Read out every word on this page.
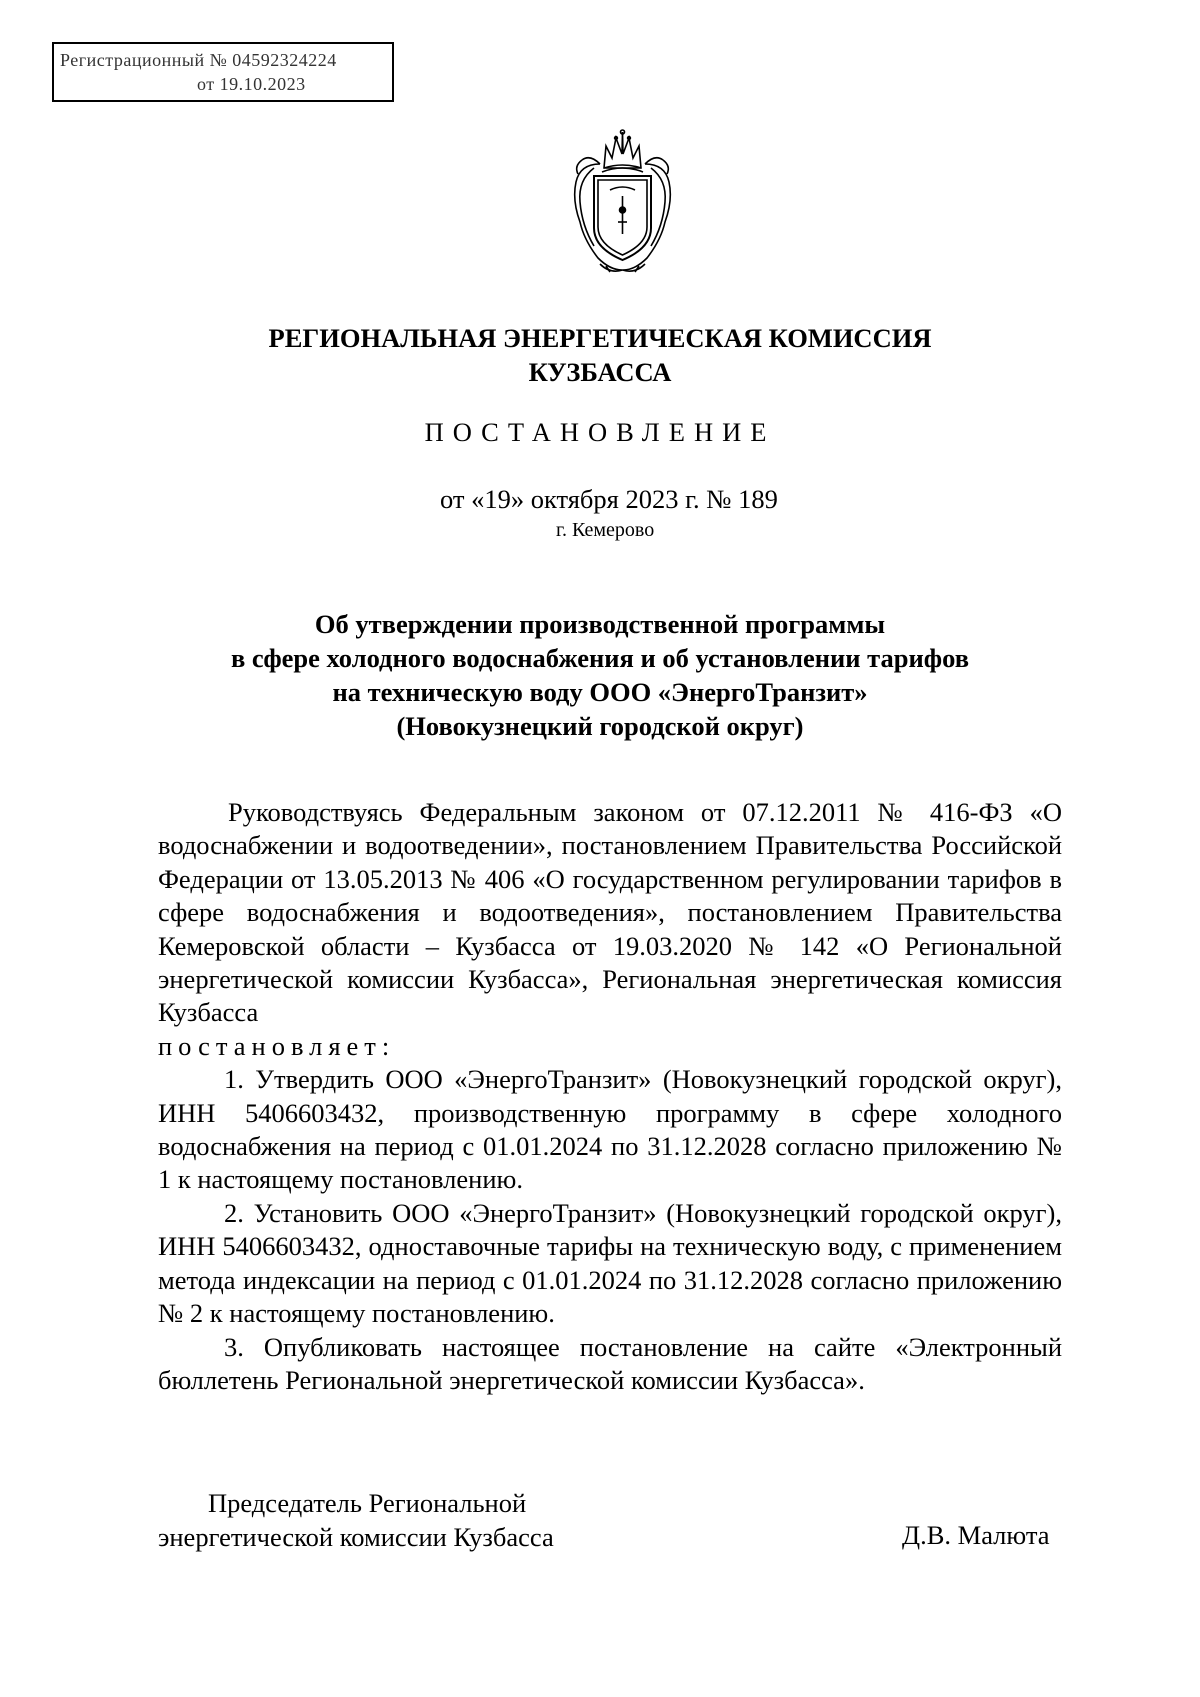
Регистрационный № 04592324224
от 19.10.2023
РЕГИОНАЛЬНАЯ ЭНЕРГЕТИЧЕСКАЯ КОМИССИЯ
КУЗБАССА
ПОСТАНОВЛЕНИЕ
от «19» октября 2023 г. № 189
г. Кемерово
Об утверждении производственной программы
в сфере холодного водоснабжения и об установлении тарифов
на техническую воду ООО «ЭнергоТранзит»
(Новокузнецкий городской округ)

Руководствуясь Федеральным законом от 07.12.2011 № 416-ФЗ «О водоснабжении и водоотведении», постановлением Правительства Российской Федерации от 13.05.2013 № 406 «О государственном регулировании тарифов в сфере водоснабжения и водоотведения», постановлением Правительства Кемеровской области – Кузбасса от 19.03.2020 № 142 «О Региональной энергетической комиссии Кузбасса», Региональная энергетическая комиссия Кузбасса

постановляет:

1. Утвердить ООО «ЭнергоТранзит» (Новокузнецкий городской округ), ИНН 5406603432, производственную программу в сфере холодного водоснабжения на период с 01.01.2024 по 31.12.2028 согласно приложению № 1 к настоящему постановлению.

2. Установить ООО «ЭнергоТранзит» (Новокузнецкий городской округ), ИНН 5406603432, одноставочные тарифы на техническую воду, с применением метода индексации на период с 01.01.2024 по 31.12.2028 согласно приложению № 2 к настоящему постановлению.

3. Опубликовать настоящее постановление на сайте «Электронный бюллетень Региональной энергетической комиссии Кузбасса».

Председатель Региональной
энергетической комиссии Кузбасса	Д.В. Малюта
